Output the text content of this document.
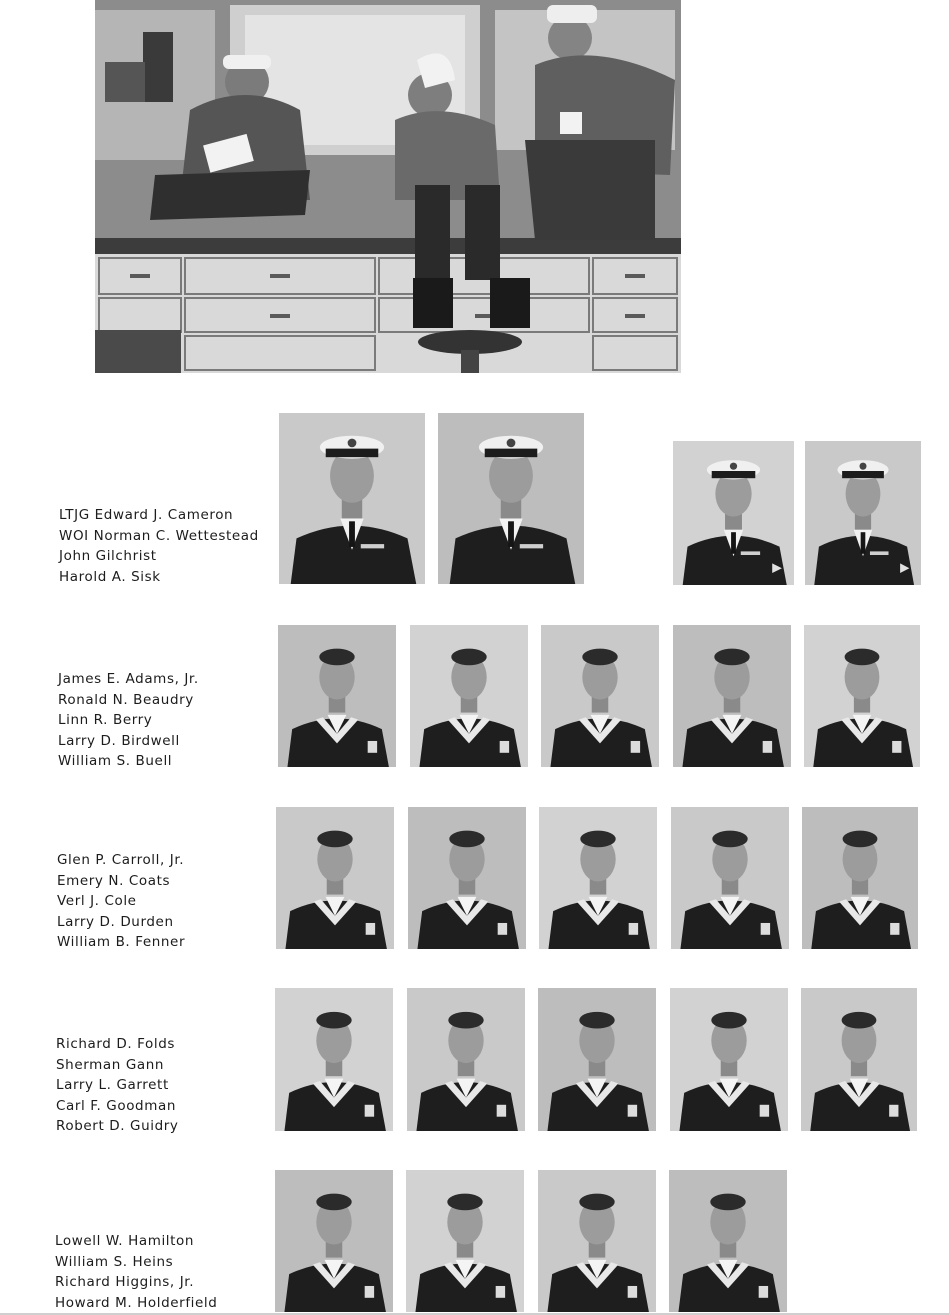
LTJG Edward J. Cameron
WOI Norman C. Wettestead
John Gilchrist
Harold A. Sisk
James E. Adams, Jr.
Ronald N. Beaudry
Linn R. Berry
Larry D. Birdwell
William S. Buell
Glen P. Carroll, Jr.
Emery N. Coats
Verl J. Cole
Larry D. Durden
William B. Fenner
Richard D. Folds
Sherman Gann
Larry L. Garrett
Carl F. Goodman
Robert D. Guidry
Lowell W. Hamilton
William S. Heins
Richard Higgins, Jr.
Howard M. Holderfield
